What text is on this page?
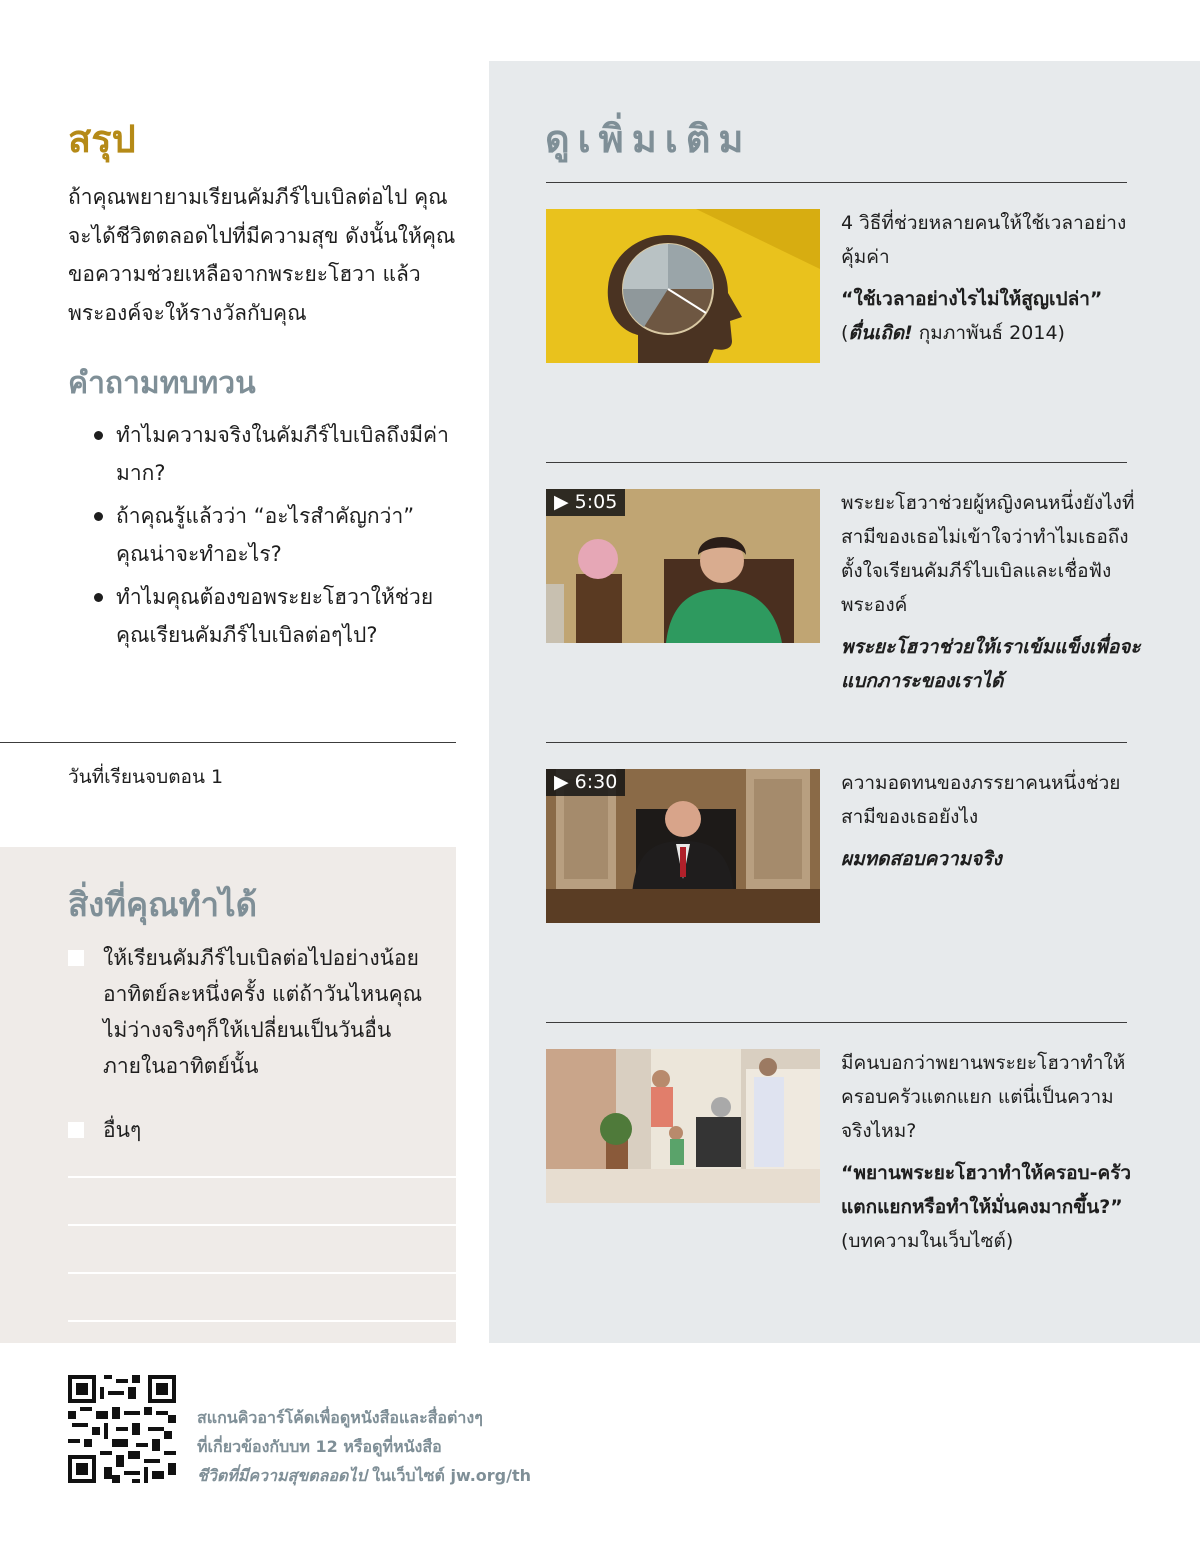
ดูเพิ่มเติม

4 วิธีที่ช่วยหลายคนให้ใช้เวลาอย่างคุ้มค่า

“ใช้เวลาอย่างไรไม่ให้สูญเปล่า”
(ตื่นเถิด! กุมภาพันธ์ 2014)

▶ 5:05	พระยะโฮวาช่วยผู้หญิงคนหนึ่งยังไงที่สามีของเธอไม่เข้าใจว่าทำไมเธอถึงตั้งใจเรียนคัมภีร์ไบเบิลและเชื่อฟังพระองค์

พระยะโฮวาช่วยให้เราเข้มแข็งเพื่อจะแบกภาระของเราได้

▶ 6:30	ความอดทนของภรรยาคนหนึ่งช่วยสามีของเธอยังไง

ผมทดสอบความจริง

มีคนบอกว่าพยานพระยะโฮวาทำให้ครอบครัวแตกแยก แต่นี่เป็นความจริงไหม?

“พยานพระยะโฮวาทำให้ครอบ-ครัวแตกแยกหรือทำให้มั่นคงมากขึ้น?” (บทความในเว็บไซต์)

สรุป

ถ้าคุณพยายามเรียนคัมภีร์ไบเบิลต่อไป คุณจะได้ชีวิตตลอดไปที่มีความสุข ดังนั้นให้คุณขอความช่วยเหลือจากพระยะโฮวา แล้วพระองค์จะให้รางวัลกับคุณ

คำถามทบทวน
ทำไมความจริงในคัมภีร์ไบเบิลถึงมีค่ามาก?
ถ้าคุณรู้แล้วว่า “อะไรสำคัญกว่า” คุณน่าจะทำอะไร?
ทำไมคุณต้องขอพระยะโฮวาให้ช่วยคุณเรียนคัมภีร์ไบเบิลต่อๆไป?
วันที่เรียนจบตอน 1
สิ่งที่คุณทำได้
ให้เรียนคัมภีร์ไบเบิลต่อไปอย่างน้อยอาทิตย์ละหนึ่งครั้ง แต่ถ้าวันไหนคุณไม่ว่างจริงๆก็ให้เปลี่ยนเป็นวันอื่นภายในอาทิตย์นั้น
อื่นๆ
สแกนคิวอาร์โค้ดเพื่อดูหนังสือและสื่อต่างๆ
ที่เกี่ยวข้องกับบท 12 หรือดูที่หนังสือ
ชีวิตที่มีความสุขตลอดไป ในเว็บไซต์ jw.org/th
